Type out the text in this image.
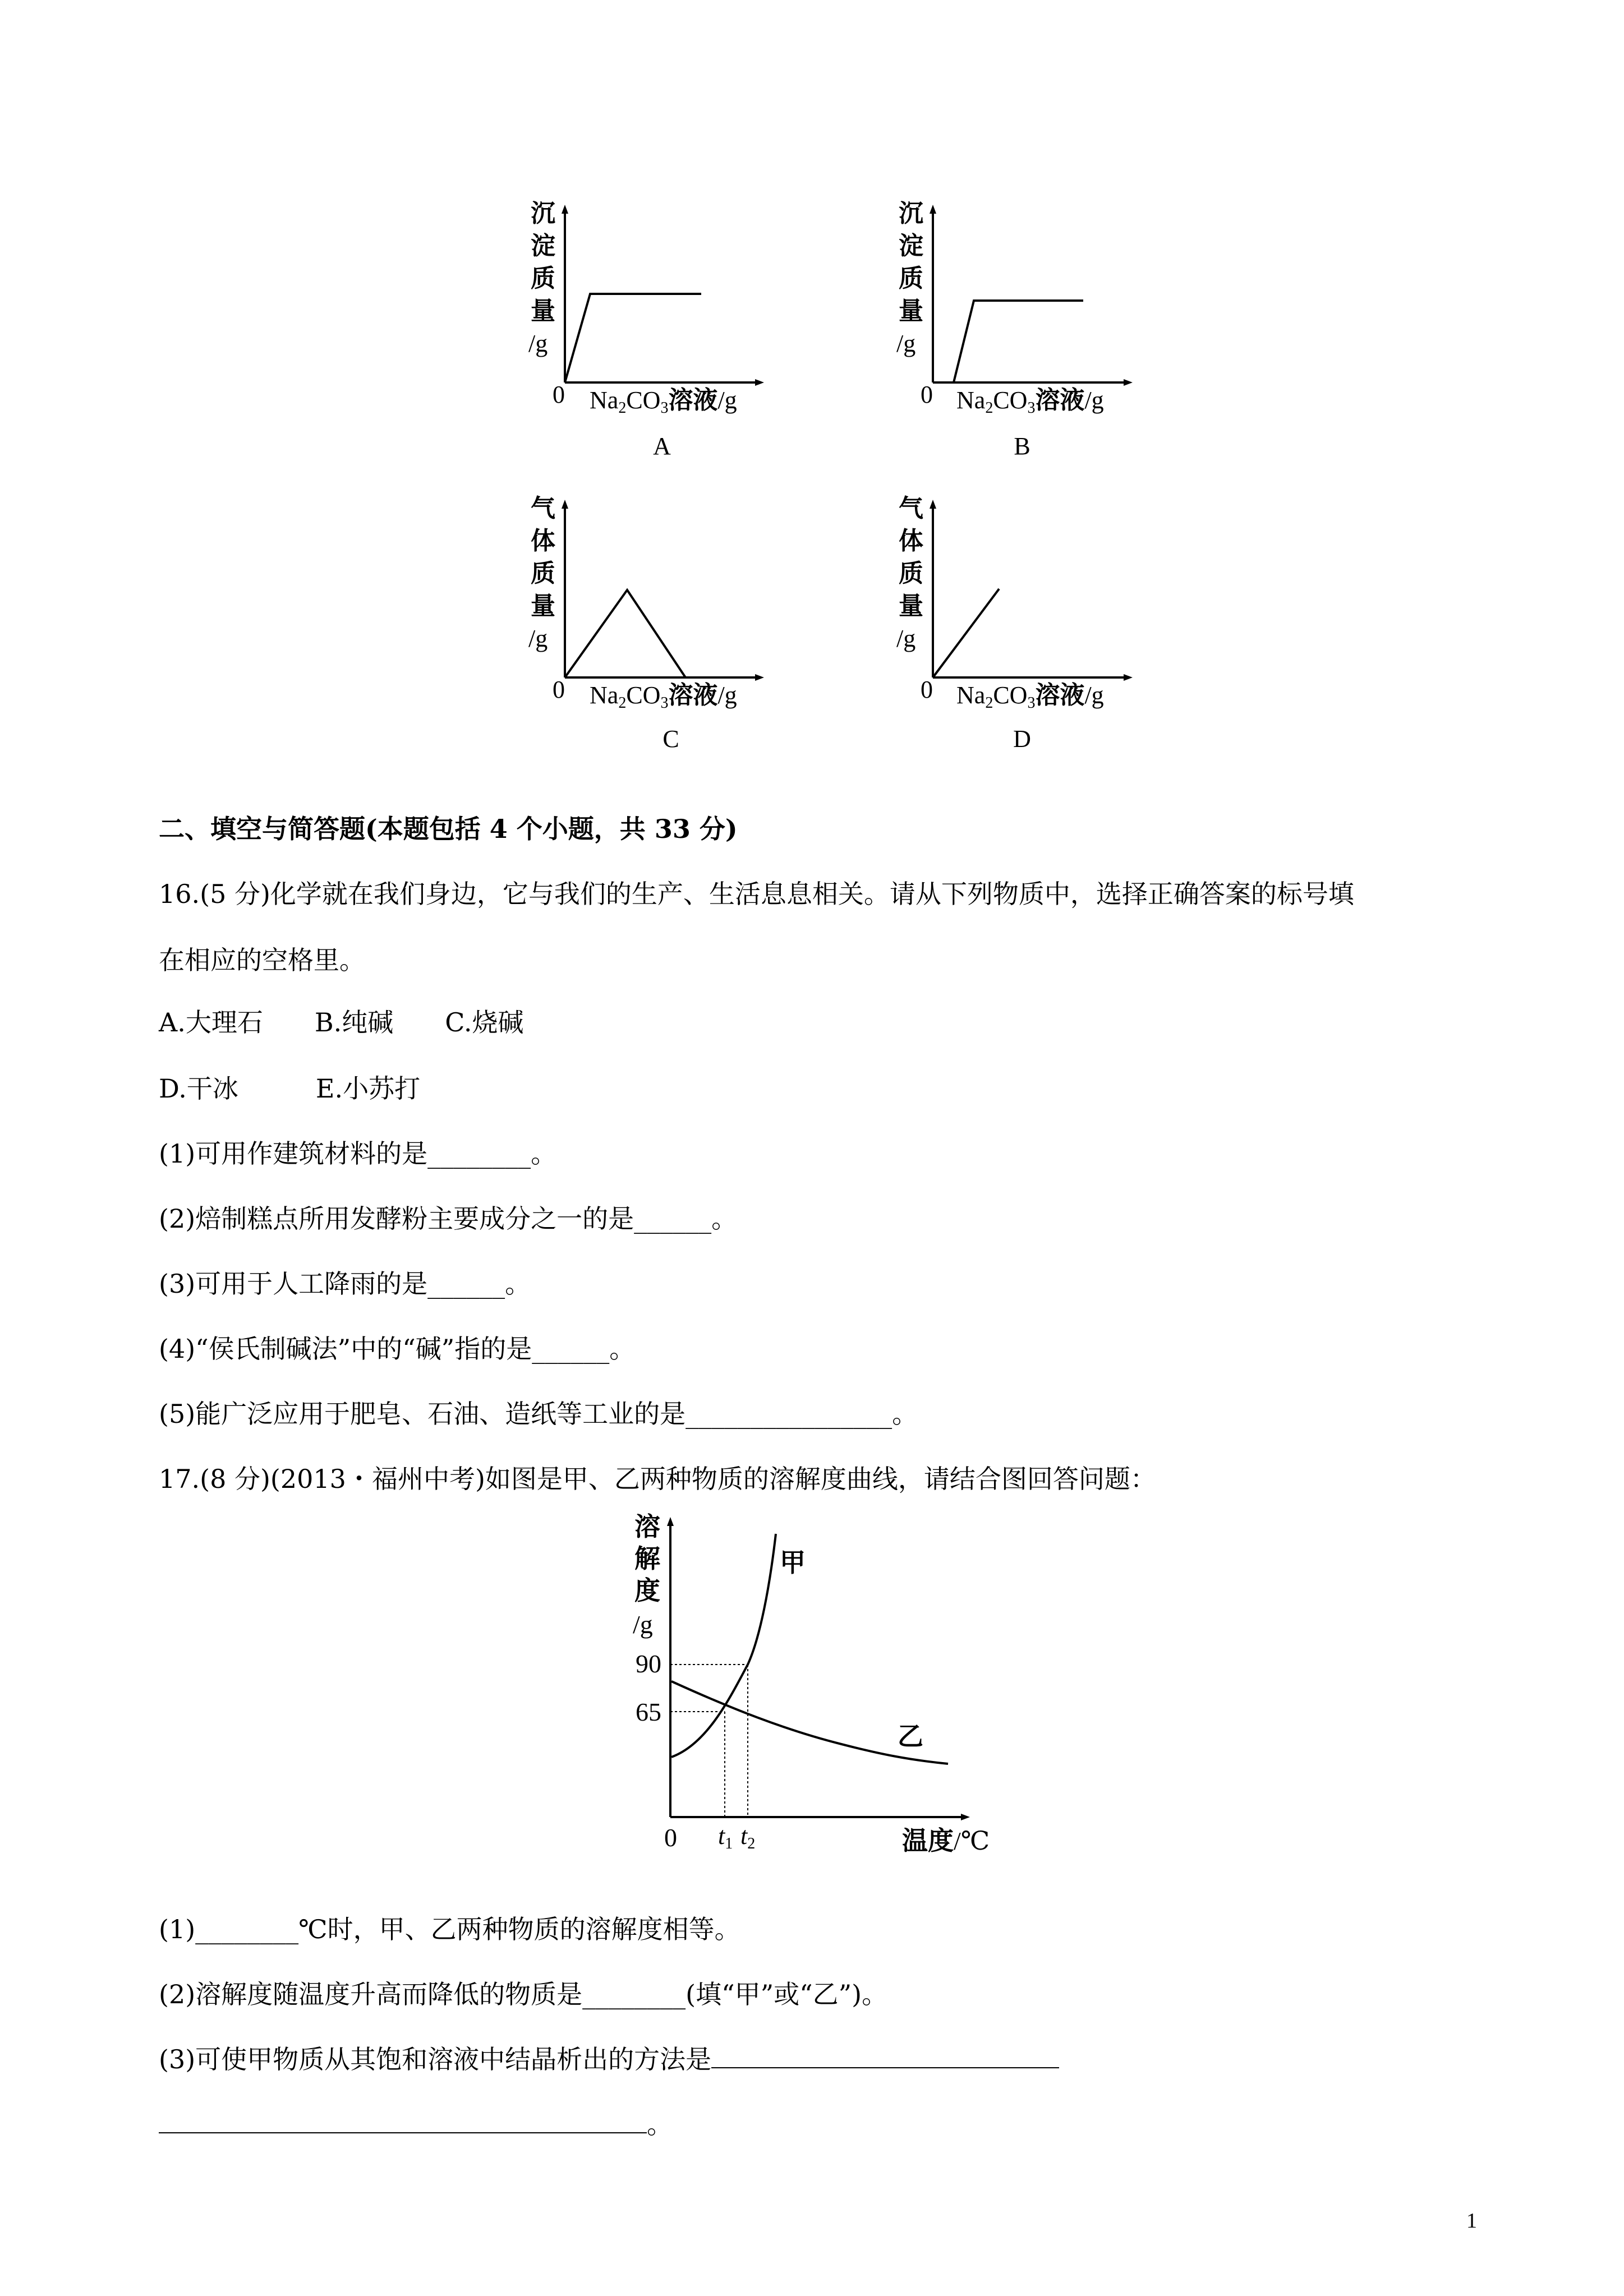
沉
淀
质
量
/g
0 Na2CO3溶液/g
A
沉
淀
质
量
/g
0 Na2CO3溶液/g
B
气
体
质
量
/g
0 Na2CO3溶液/g
C
气
体
质
量
/g
0 Na2CO3溶液/g
D
二、填空与简答题(本题包括 4 个小题，共 33 分)
16.(5 分)化学就在我们身边，它与我们的生产、生活息息相关。请从下列物质中，选择正确答案的标号填
在相应的空格里。
A.大理石　　B.纯碱　　C.烧碱
D.干冰　　　E.小苏打
(1)可用作建筑材料的是________。
(2)焙制糕点所用发酵粉主要成分之一的是______。
(3)可用于人工降雨的是______。
(4)“侯氏制碱法”中的“碱”指的是______。
(5)能广泛应用于肥皂、石油、造纸等工业的是________________。
17.(8 分)(2013・福州中考)如图是甲、乙两种物质的溶解度曲线，请结合图回答问题：
溶
解
度
/g
90
65
甲
乙
0 t1 t2	温度/℃
(1)________℃时，甲、乙两种物质的溶解度相等。
(2)溶解度随温度升高而降低的物质是________(填“甲”或“乙”)。
(3)可使甲物质从其饱和溶液中结晶析出的方法是
。
1
